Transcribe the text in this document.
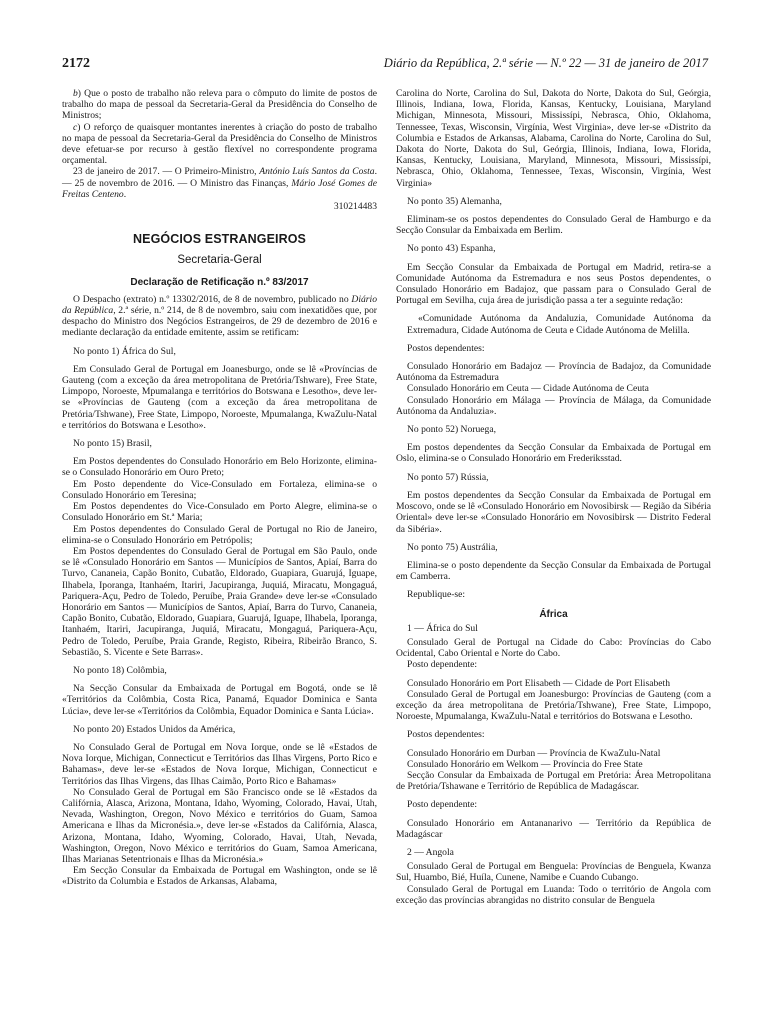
2172	Diário da República, 2.ª série — N.º 22 — 31 de janeiro de 2017

b) Que o posto de trabalho não releva para o cômputo do limite de postos de trabalho do mapa de pessoal da Secretaria-Geral da Presidência do Conselho de Ministros;

c) O reforço de quaisquer montantes inerentes à criação do posto de trabalho no mapa de pessoal da Secretaria-Geral da Presidência do Conselho de Ministros deve efetuar-se por recurso à gestão flexível no correspondente programa orçamental.

23 de janeiro de 2017. — O Primeiro-Ministro, António Luís Santos da Costa. — 25 de novembro de 2016. — O Ministro das Finanças, Mário José Gomes de Freitas Centeno.

310214483

NEGÓCIOS ESTRANGEIROS
Secretaria-Geral
Declaração de Retificação n.º 83/2017

O Despacho (extrato) n.º 13302/2016, de 8 de novembro, publicado no Diário da República, 2.ª série, n.º 214, de 8 de novembro, saiu com inexatidões que, por despacho do Ministro dos Negócios Estrangeiros, de 29 de dezembro de 2016 e mediante declaração da entidade emitente, assim se retificam:

No ponto 1) África do Sul,

Em Consulado Geral de Portugal em Joanesburgo, onde se lê «Províncias de Gauteng (com a exceção da área metropolitana de Pretória/Tshware), Free State, Limpopo, Noroeste, Mpumalanga e territórios do Botswana e Lesotho», deve ler-se «Províncias de Gauteng (com a exceção da área metropolitana de Pretória/Tshwane), Free State, Limpopo, Noroeste, Mpumalanga, KwaZulu-Natal e territórios do Botswana e Lesotho».

No ponto 15) Brasil,

Em Postos dependentes do Consulado Honorário em Belo Horizonte, elimina-se o Consulado Honorário em Ouro Preto;

Em Posto dependente do Vice-Consulado em Fortaleza, elimina-se o Consulado Honorário em Teresina;

Em Postos dependentes do Vice-Consulado em Porto Alegre, elimina-se o Consulado Honorário em St.ª Maria;

Em Postos dependentes do Consulado Geral de Portugal no Rio de Janeiro, elimina-se o Consulado Honorário em Petrópolis;

Em Postos dependentes do Consulado Geral de Portugal em São Paulo, onde se lê «Consulado Honorário em Santos — Municípios de Santos, Apiaí, Barra do Turvo, Cananeia, Capão Bonito, Cubatão, Eldorado, Guapiara, Guarujá, Iguape, Ilhabela, Iporanga, Itanhaém, Itariri, Jacupiranga, Juquiá, Miracatu, Mongaguá, Pariquera-Açu, Pedro de Toledo, Peruíbe, Praia Grande» deve ler-se «Consulado Honorário em Santos — Municípios de Santos, Apiaí, Barra do Turvo, Cananeia, Capão Bonito, Cubatão, Eldorado, Guapiara, Guarujá, Iguape, Ilhabela, Iporanga, Itanhaém, Itariri, Jacupiranga, Juquiá, Miracatu, Mongaguá, Pariquera-Açu, Pedro de Toledo, Peruíbe, Praia Grande, Registo, Ribeira, Ribeirão Branco, S. Sebastião, S. Vicente e Sete Barras».

No ponto 18) Colômbia,

Na Secção Consular da Embaixada de Portugal em Bogotá, onde se lê «Territórios da Colômbia, Costa Rica, Panamá, Equador Dominica e Santa Lúcia», deve ler-se «Territórios da Colômbia, Equador Dominica e Santa Lúcia».

No ponto 20) Estados Unidos da América,

No Consulado Geral de Portugal em Nova Iorque, onde se lê «Estados de Nova Iorque, Michigan, Connecticut e Territórios das Ilhas Virgens, Porto Rico e Bahamas», deve ler-se «Estados de Nova Iorque, Michigan, Connecticut e Territórios das Ilhas Virgens, das Ilhas Caimão, Porto Rico e Bahamas»

No Consulado Geral de Portugal em São Francisco onde se lê «Estados da Califórnia, Alasca, Arizona, Montana, Idaho, Wyoming, Colorado, Havai, Utah, Nevada, Washington, Oregon, Novo México e territórios do Guam, Samoa Americana e Ilhas da Micronésia.», deve ler-se «Estados da Califórnia, Alasca, Arizona, Montana, Idaho, Wyoming, Colorado, Havai, Utah, Nevada, Washington, Oregon, Novo México e territórios do Guam, Samoa Americana, Ilhas Marianas Setentrionais e Ilhas da Micronésia.»

Em Secção Consular da Embaixada de Portugal em Washington, onde se lê «Distrito da Columbia e Estados de Arkansas, Alabama,

Carolina do Norte, Carolina do Sul, Dakota do Norte, Dakota do Sul, Geórgia, Illinois, Indiana, Iowa, Florida, Kansas, Kentucky, Louisiana, Maryland Michigan, Minnesota, Missouri, Mississípi, Nebrasca, Ohio, Oklahoma, Tennessee, Texas, Wisconsin, Virgínia, West Virginia», deve ler-se «Distrito da Columbia e Estados de Arkansas, Alabama, Carolina do Norte, Carolina do Sul, Dakota do Norte, Dakota do Sul, Geórgia, Illinois, Indiana, Iowa, Florida, Kansas, Kentucky, Louisiana, Maryland, Minnesota, Missouri, Mississípi, Nebrasca, Ohio, Oklahoma, Tennessee, Texas, Wisconsin, Virgínia, West Virginia»

No ponto 35) Alemanha,

Eliminam-se os postos dependentes do Consulado Geral de Hamburgo e da Secção Consular da Embaixada em Berlim.

No ponto 43) Espanha,

Em Secção Consular da Embaixada de Portugal em Madrid, retira-se a Comunidade Autónoma da Estremadura e nos seus Postos dependentes, o Consulado Honorário em Badajoz, que passam para o Consulado Geral de Portugal em Sevilha, cuja área de jurisdição passa a ter a seguinte redação:

«Comunidade Autónoma da Andaluzia, Comunidade Autónoma da Extremadura, Cidade Autónoma de Ceuta e Cidade Autónoma de Melilla.

Postos dependentes:

Consulado Honorário em Badajoz — Província de Badajoz, da Comunidade Autónoma da Estremadura

Consulado Honorário em Ceuta — Cidade Autónoma de Ceuta

Consulado Honorário em Málaga — Província de Málaga, da Comunidade Autónoma da Andaluzia».

No ponto 52) Noruega,

Em postos dependentes da Secção Consular da Embaixada de Portugal em Oslo, elimina-se o Consulado Honorário em Frederiksstad.

No ponto 57) Rússia,

Em postos dependentes da Secção Consular da Embaixada de Portugal em Moscovo, onde se lê «Consulado Honorário em Novosibirsk — Região da Sibéria Oriental» deve ler-se «Consulado Honorário em Novosibirsk — Distrito Federal da Sibéria».

No ponto 75) Austrália,

Elimina-se o posto dependente da Secção Consular da Embaixada de Portugal em Camberra.

Republique-se:

África

1 — África do Sul

Consulado Geral de Portugal na Cidade do Cabo: Províncias do Cabo Ocidental, Cabo Oriental e Norte do Cabo.

Posto dependente:

Consulado Honorário em Port Elisabeth — Cidade de Port Elisabeth

Consulado Geral de Portugal em Joanesburgo: Províncias de Gauteng (com a exceção da área metropolitana de Pretória/Tshwane), Free State, Limpopo, Noroeste, Mpumalanga, KwaZulu-Natal e territórios do Botswana e Lesotho.

Postos dependentes:

Consulado Honorário em Durban — Província de KwaZulu-Natal

Consulado Honorário em Welkom — Província do Free State

Secção Consular da Embaixada de Portugal em Pretória: Área Metropolitana de Pretória/Tshawane e Território de República de Madagáscar.

Posto dependente:

Consulado Honorário em Antananarivo — Território da República de Madagáscar

2 — Angola

Consulado Geral de Portugal em Benguela: Províncias de Benguela, Kwanza Sul, Huambo, Bié, Huíla, Cunene, Namibe e Cuando Cubango.

Consulado Geral de Portugal em Luanda: Todo o território de Angola com exceção das províncias abrangidas no distrito consular de Benguela
